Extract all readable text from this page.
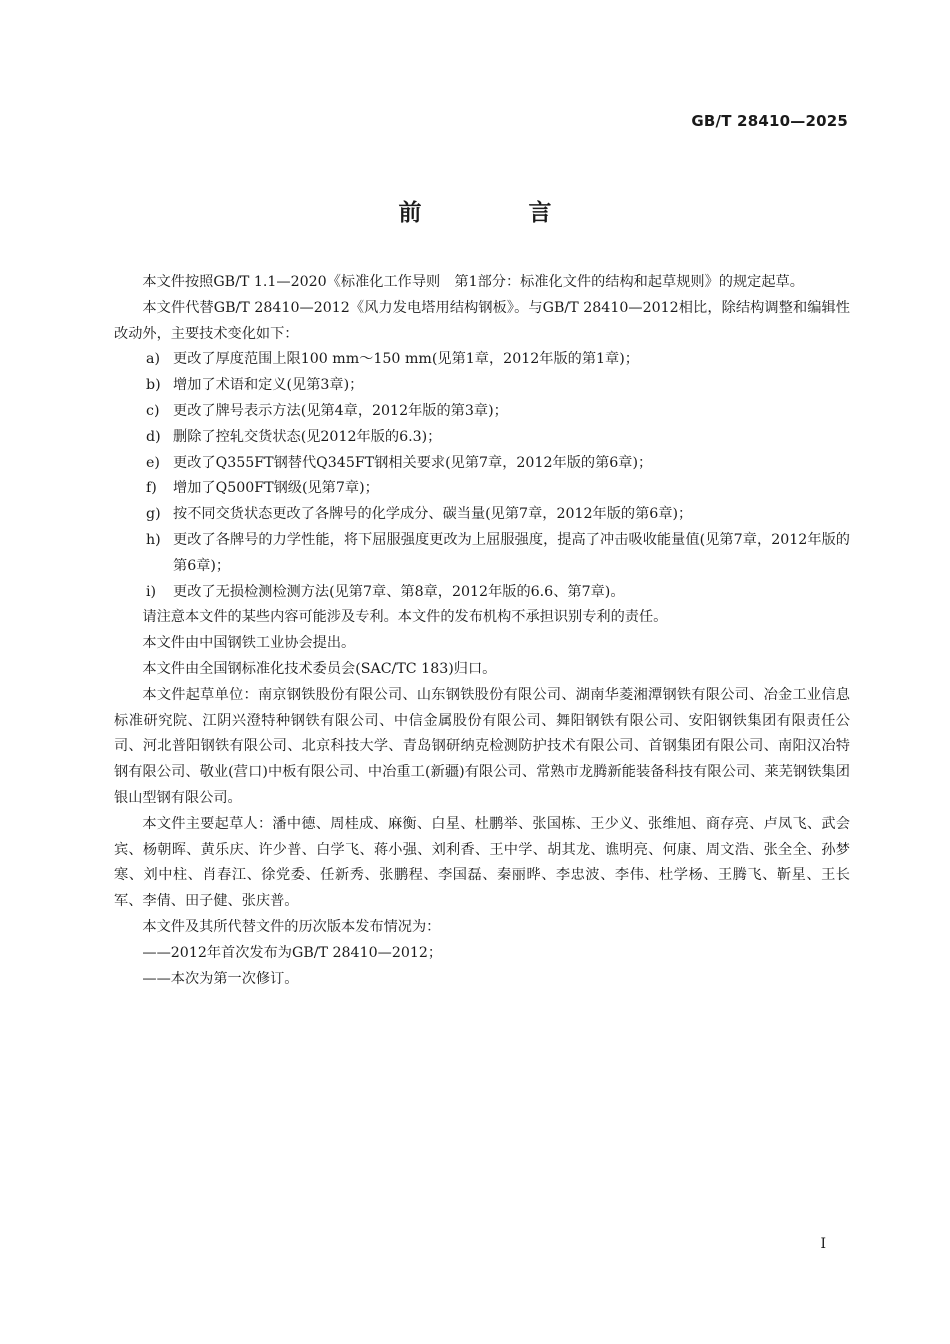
GB/T 28410—2025
前　言

本文件按照GB/T 1.1—2020《标准化工作导则　第1部分：标准化文件的结构和起草规则》的规定起草。

本文件代替GB/T 28410—2012《风力发电塔用结构钢板》。与GB/T 28410—2012相比，除结构调整和编辑性改动外，主要技术变化如下：

a) 更改了厚度范围上限100 mm～150 mm(见第1章，2012年版的第1章)；

b) 增加了术语和定义(见第3章)；

c) 更改了牌号表示方法(见第4章，2012年版的第3章)；

d) 删除了控轧交货状态(见2012年版的6.3)；

e) 更改了Q355FT钢替代Q345FT钢相关要求(见第7章，2012年版的第6章)；

f) 增加了Q500FT钢级(见第7章)；

g) 按不同交货状态更改了各牌号的化学成分、碳当量(见第7章，2012年版的第6章)；

h) 更改了各牌号的力学性能，将下屈服强度更改为上屈服强度，提高了冲击吸收能量值(见第7章，2012年版的第6章)；

i) 更改了无损检测检测方法(见第7章、第8章，2012年版的6.6、第7章)。

请注意本文件的某些内容可能涉及专利。本文件的发布机构不承担识别专利的责任。

本文件由中国钢铁工业协会提出。

本文件由全国钢标准化技术委员会(SAC/TC 183)归口。

本文件起草单位：南京钢铁股份有限公司、山东钢铁股份有限公司、湖南华菱湘潭钢铁有限公司、冶金工业信息标准研究院、江阴兴澄特种钢铁有限公司、中信金属股份有限公司、舞阳钢铁有限公司、安阳钢铁集团有限责任公司、河北普阳钢铁有限公司、北京科技大学、青岛钢研纳克检测防护技术有限公司、首钢集团有限公司、南阳汉冶特钢有限公司、敬业(营口)中板有限公司、中冶重工(新疆)有限公司、常熟市龙腾新能装备科技有限公司、莱芜钢铁集团银山型钢有限公司。

本文件主要起草人：潘中德、周桂成、麻衡、白星、杜鹏举、张国栋、王少义、张维旭、商存亮、卢凤飞、武会宾、杨朝晖、黄乐庆、许少普、白学飞、蒋小强、刘利香、王中学、胡其龙、谯明亮、何康、周文浩、张全全、孙梦寒、刘中柱、肖春江、徐党委、任新秀、张鹏程、李国磊、秦丽晔、李忠波、李伟、杜学杨、王腾飞、靳星、王长军、李倩、田子健、张庆普。

本文件及其所代替文件的历次版本发布情况为：

——2012年首次发布为GB/T 28410—2012；

——本次为第一次修订。

I
